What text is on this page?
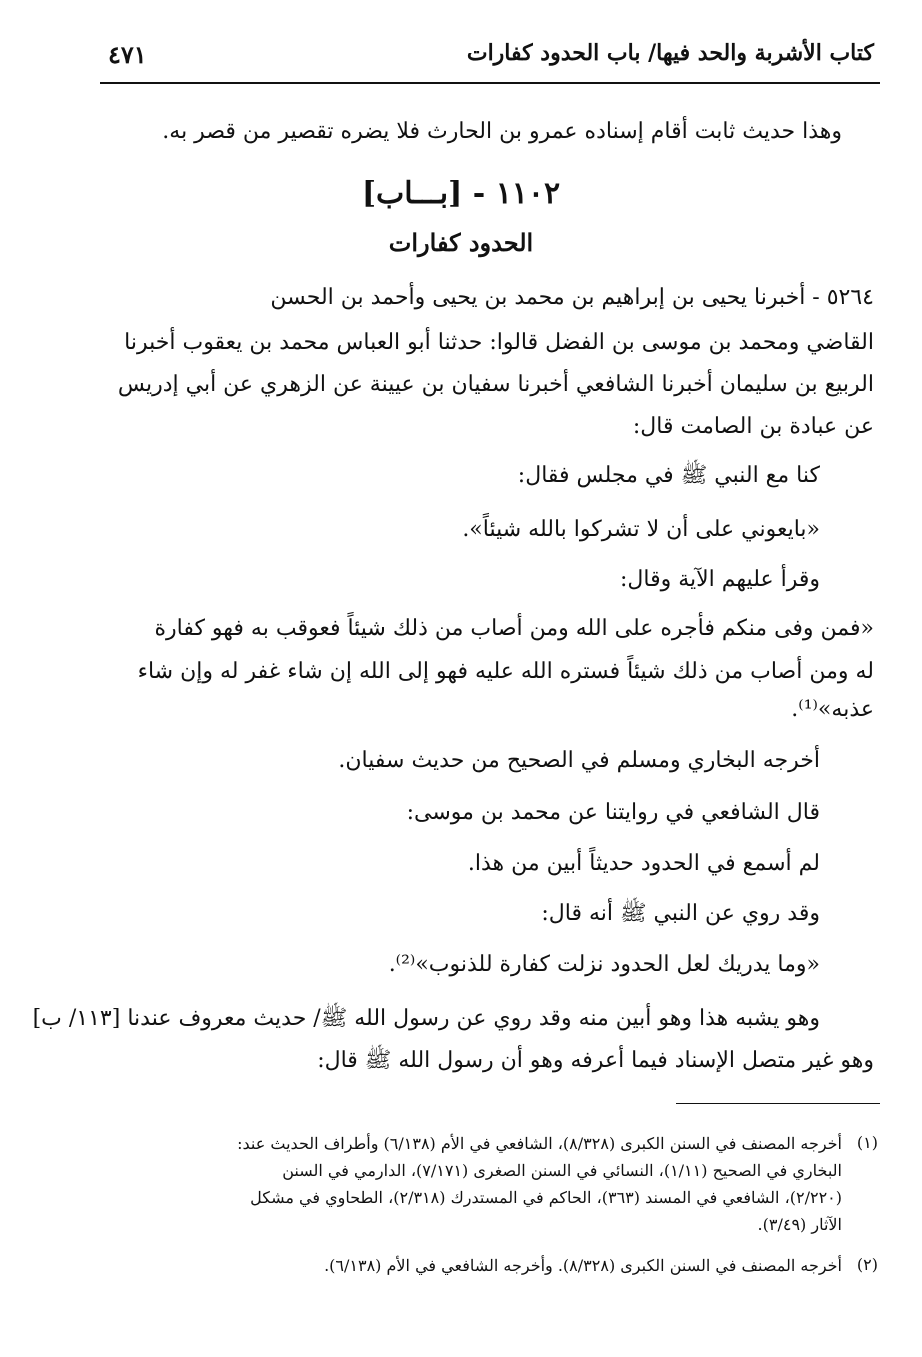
كتاب الأشربة والحد فيها/ باب الحدود كفارات
٤٧١
وهذا حديث ثابت أقام إسناده عمرو بن الحارث فلا يضره تقصير من قصر به.
١١٠٢ - [بـــاب]
الحدود كفارات
٥٢٦٤ - أخبرنا يحيى بن إبراهيم بن محمد بن يحيى وأحمد بن الحسن
القاضي ومحمد بن موسى بن الفضل قالوا: حدثنا أبو العباس محمد بن يعقوب أخبرنا
الربيع بن سليمان أخبرنا الشافعي أخبرنا سفيان بن عيينة عن الزهري عن أبي إدريس
عن عبادة بن الصامت قال:
كنا مع النبي ﷺ في مجلس فقال:
«بايعوني على أن لا تشركوا بالله شيئاً».
وقرأ عليهم الآية وقال:
«فمن وفى منكم فأجره على الله ومن أصاب من ذلك شيئاً فعوقب به فهو كفارة
له ومن أصاب من ذلك شيئاً فستره الله عليه فهو إلى الله إن شاء غفر له وإن شاء
عذبه»⁽¹⁾.
أخرجه البخاري ومسلم في الصحيح من حديث سفيان.
قال الشافعي في روايتنا عن محمد بن موسى:
لم أسمع في الحدود حديثاً أبين من هذا.
وقد روي عن النبي ﷺ أنه قال:
«وما يدريك لعل الحدود نزلت كفارة للذنوب»⁽²⁾.
وهو يشبه هذا وهو أبين منه وقد روي عن رسول الله ﷺ/ حديث معروف عندنا [١١٣/ ب]
وهو غير متصل الإسناد فيما أعرفه وهو أن رسول الله ﷺ قال:
(١)
أخرجه المصنف في السنن الكبرى (٨/٣٢٨)، الشافعي في الأم (٦/١٣٨) وأطراف الحديث عند:
البخاري في الصحيح (١/١١)، النسائي في السنن الصغرى (٧/١٧١)، الدارمي في السنن
(٢/٢٢٠)، الشافعي في المسند (٣٦٣)، الحاكم في المستدرك (٢/٣١٨)، الطحاوي في مشكل
الآثار (٣/٤٩).
(٢)
أخرجه المصنف في السنن الكبرى (٨/٣٢٨). وأخرجه الشافعي في الأم (٦/١٣٨).
